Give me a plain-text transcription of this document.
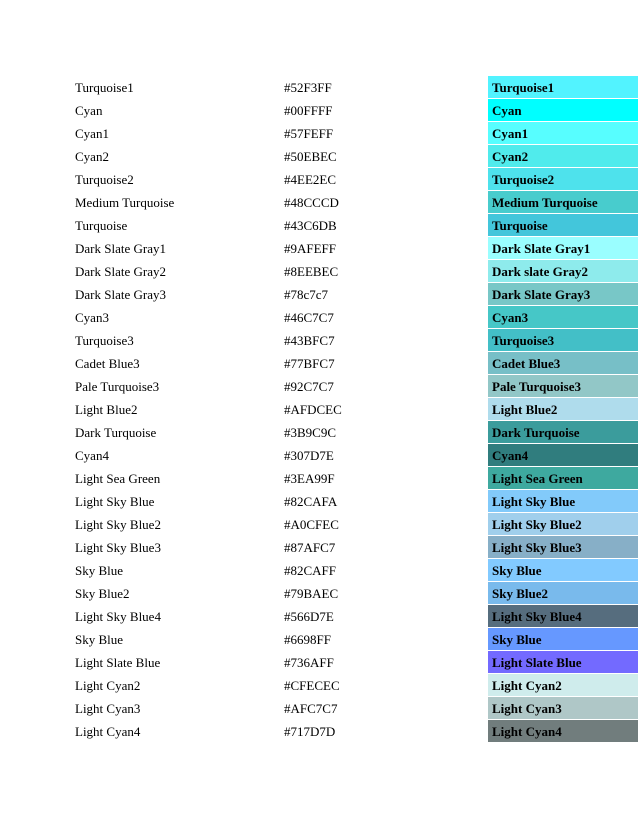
Turquoise1	#52F3FF	Turquoise1
Cyan	#00FFFF	Cyan
Cyan1	#57FEFF	Cyan1
Cyan2	#50EBEC	Cyan2
Turquoise2	#4EE2EC	Turquoise2
Medium Turquoise	#48CCCD	Medium Turquoise
Turquoise	#43C6DB	Turquoise
Dark Slate Gray1	#9AFEFF	Dark Slate Gray1
Dark Slate Gray2	#8EEBEC	Dark slate Gray2
Dark Slate Gray3	#78c7c7	Dark Slate Gray3
Cyan3	#46C7C7	Cyan3
Turquoise3	#43BFC7	Turquoise3
Cadet Blue3	#77BFC7	Cadet Blue3
Pale Turquoise3	#92C7C7	Pale Turquoise3
Light Blue2	#AFDCEC	Light Blue2
Dark Turquoise	#3B9C9C	Dark Turquoise
Cyan4	#307D7E	Cyan4
Light Sea Green	#3EA99F	Light Sea Green
Light Sky Blue	#82CAFA	Light Sky Blue
Light Sky Blue2	#A0CFEC	Light Sky Blue2
Light Sky Blue3	#87AFC7	Light Sky Blue3
Sky Blue	#82CAFF	Sky Blue
Sky Blue2	#79BAEC	Sky Blue2
Light Sky Blue4	#566D7E	Light Sky Blue4
Sky Blue	#6698FF	Sky Blue
Light Slate Blue	#736AFF	Light Slate Blue
Light Cyan2	#CFECEC	Light Cyan2
Light Cyan3	#AFC7C7	Light Cyan3
Light Cyan4	#717D7D	Light Cyan4
